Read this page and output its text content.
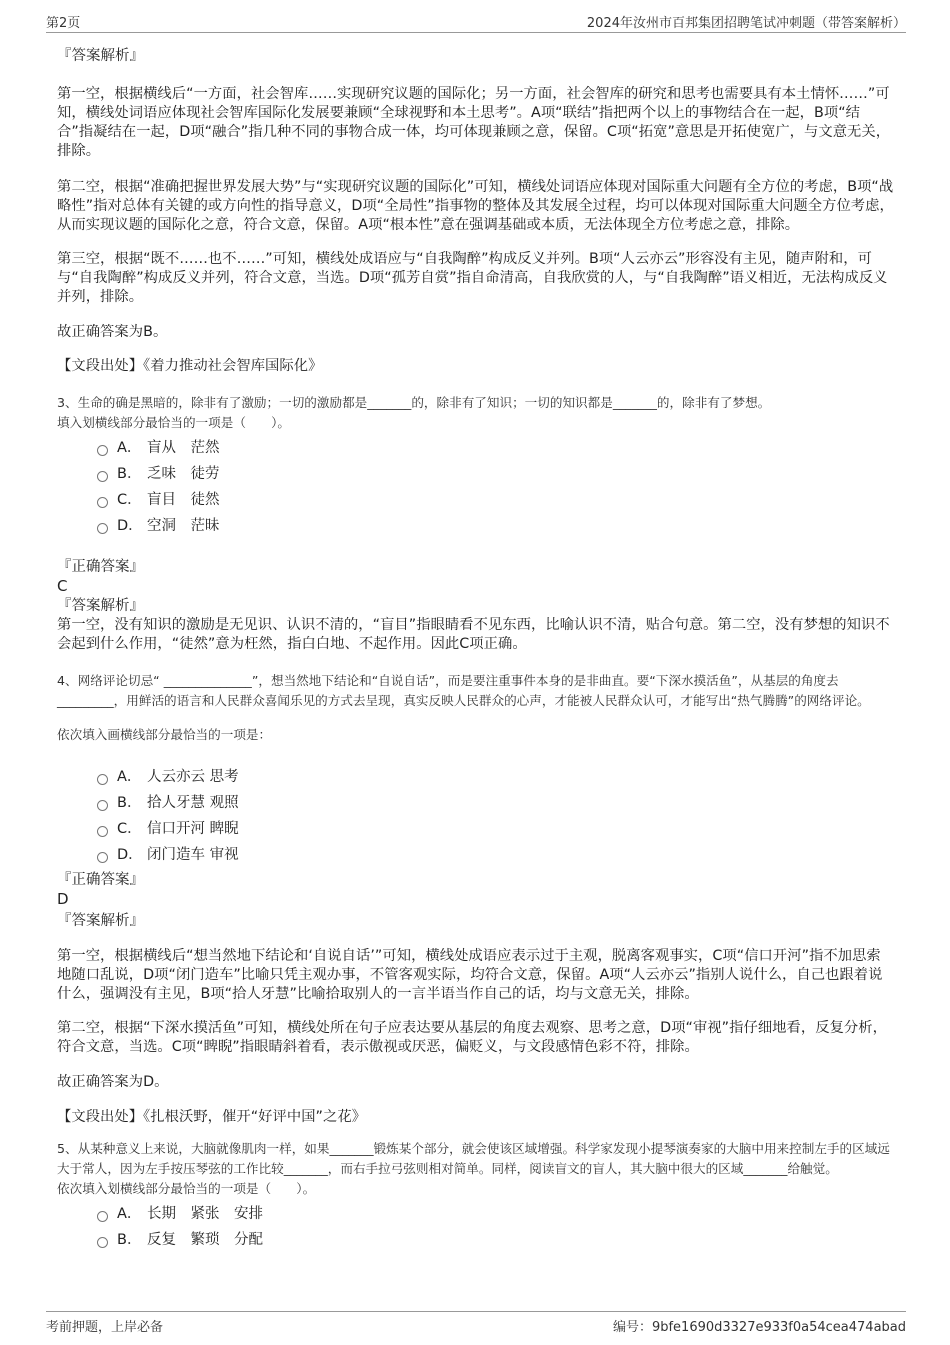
第2页	2024年汝州市百邦集团招聘笔试冲刺题（带答案解析）

『答案解析』

第一空，根据横线后“一方面，社会智库……实现研究议题的国际化；另一方面，社会智库的研究和思考也需要具有本土情怀……”可知，横线处词语应体现社会智库国际化发展要兼顾“全球视野和本土思考”。A项“联结”指把两个以上的事物结合在一起，B项“结合”指凝结在一起，D项“融合”指几种不同的事物合成一体，均可体现兼顾之意，保留。C项“拓宽”意思是开拓使宽广，与文意无关，排除。

第二空，根据“准确把握世界发展大势”与“实现研究议题的国际化”可知，横线处词语应体现对国际重大问题有全方位的考虑，B项“战略性”指对总体有关键的或方向性的指导意义，D项“全局性”指事物的整体及其发展全过程，均可以体现对国际重大问题全方位考虑，从而实现议题的国际化之意，符合文意，保留。A项“根本性”意在强调基础或本质，无法体现全方位考虑之意，排除。

第三空，根据“既不……也不……”可知，横线处成语应与“自我陶醉”构成反义并列。B项“人云亦云”形容没有主见，随声附和，可与“自我陶醉”构成反义并列，符合文意，当选。D项“孤芳自赏”指自命清高，自我欣赏的人，与“自我陶醉”语义相近，无法构成反义并列，排除。

故正确答案为B。

【文段出处】《着力推动社会智库国际化》

3、生命的确是黑暗的，除非有了激励；一切的激励都是_______的，除非有了知识；一切的知识都是_______的，除非有了梦想。

填入划横线部分最恰当的一项是（　　）。

A． 盲从　茫然
B． 乏味　徒劳
C． 盲目　徒然
D． 空洞　茫昧

『正确答案』

C

『答案解析』

第一空，没有知识的激励是无见识、认识不清的，“盲目”指眼睛看不见东西，比喻认识不清，贴合句意。第二空，没有梦想的知识不会起到什么作用，“徒然”意为枉然，指白白地、不起作用。因此C项正确。

4、网络评论切忌“ ______________”，想当然地下结论和“自说自话”，而是要注重事件本身的是非曲直。要“下深水摸活鱼”，从基层的角度去_________，用鲜活的语言和人民群众喜闻乐见的方式去呈现，真实反映人民群众的心声，才能被人民群众认可，才能写出“热气腾腾”的网络评论。

依次填入画横线部分最恰当的一项是：

A． 人云亦云 思考
B． 拾人牙慧 观照
C． 信口开河 睥睨
D． 闭门造车 审视

『正确答案』

D

『答案解析』

第一空，根据横线后“想当然地下结论和‘自说自话’”可知，横线处成语应表示过于主观，脱离客观事实，C项“信口开河”指不加思索地随口乱说，D项“闭门造车”比喻只凭主观办事，不管客观实际，均符合文意，保留。A项“人云亦云”指别人说什么，自己也跟着说什么，强调没有主见，B项“拾人牙慧”比喻拾取别人的一言半语当作自己的话，均与文意无关，排除。

第二空，根据“下深水摸活鱼”可知，横线处所在句子应表达要从基层的角度去观察、思考之意，D项“审视”指仔细地看，反复分析，符合文意，当选。C项“睥睨”指眼睛斜着看，表示傲视或厌恶，偏贬义，与文段感情色彩不符，排除。

故正确答案为D。

【文段出处】《扎根沃野，催开“好评中国”之花》

5、从某种意义上来说，大脑就像肌肉一样，如果_______锻炼某个部分，就会使该区域增强。科学家发现小提琴演奏家的大脑中用来控制左手的区域远大于常人，因为左手按压琴弦的工作比较_______，而右手拉弓弦则相对简单。同样，阅读盲文的盲人，其大脑中很大的区域_______给触觉。

依次填入划横线部分最恰当的一项是（　　）。

A． 长期　紧张　安排
B． 反复　繁琐　分配
考前押题，上岸必备	编号：9bfe1690d3327e933f0a54cea474abad
